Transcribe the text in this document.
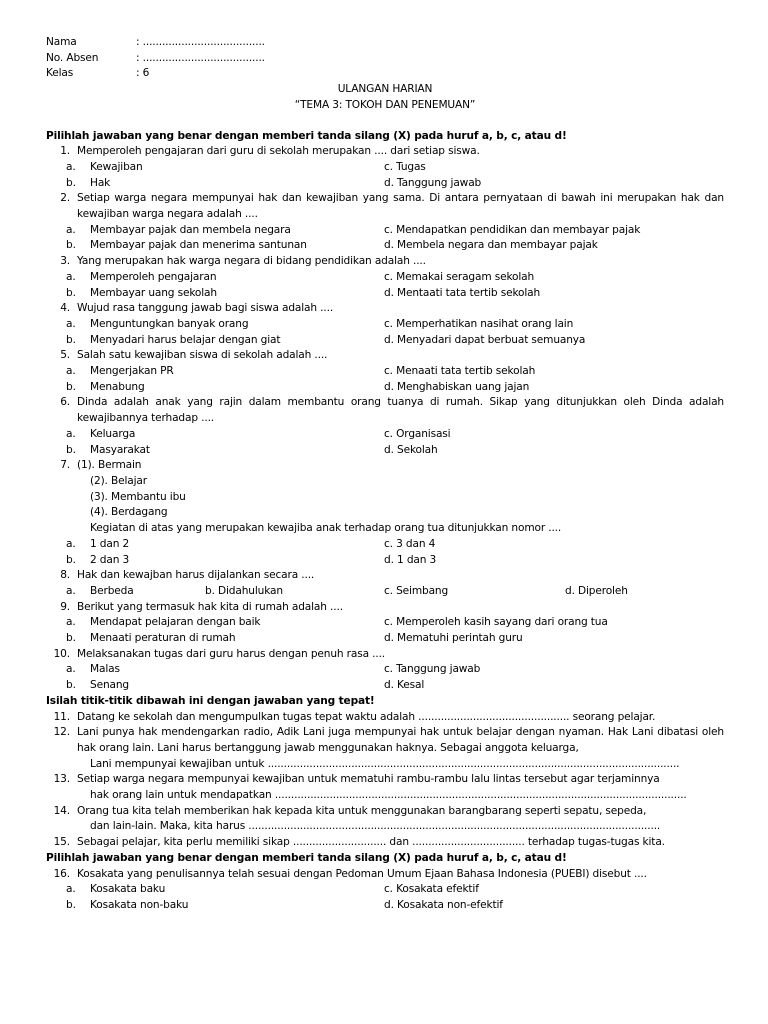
Nama	: ......................................
No. Absen	: ......................................
Kelas	: 6
ULANGAN HARIAN
“TEMA 3: TOKOH DAN PENEMUAN”
Pilihlah jawaban yang benar dengan memberi tanda silang (X) pada huruf a, b, c, atau d!
1. Memperoleh pengajaran dari guru di sekolah merupakan .... dari setiap siswa.
a.	Kewajiban	c. Tugas
b.	Hak	d. Tanggung jawab
2. Setiap warga negara mempunyai hak dan kewajiban yang sama. Di antara pernyataan di bawah ini merupakan hak dan kewajiban warga negara adalah ....
a.	Membayar pajak dan membela negara	c. Mendapatkan pendidikan dan membayar pajak
b.	Membayar pajak dan menerima santunan	d. Membela negara dan membayar pajak
3. Yang merupakan hak warga negara di bidang pendidikan adalah ....
a.	Memperoleh pengajaran	c. Memakai seragam sekolah
b.	Membayar uang sekolah	d. Mentaati tata tertib sekolah
4. Wujud rasa tanggung jawab bagi siswa adalah ....
a.	Menguntungkan banyak orang	c. Memperhatikan nasihat orang lain
b.	Menyadari harus belajar dengan giat	d. Menyadari dapat berbuat semuanya
5. Salah satu kewajiban siswa di sekolah adalah ....
a.	Mengerjakan PR	c. Menaati tata tertib sekolah
b.	Menabung	d. Menghabiskan uang jajan
6. Dinda adalah anak yang rajin dalam membantu orang tuanya di rumah. Sikap yang ditunjukkan oleh Dinda adalah kewajibannya terhadap ....
a.	Keluarga	c. Organisasi
b.	Masyarakat	d. Sekolah
7. (1). Bermain
(2). Belajar
(3). Membantu ibu
(4). Berdagang
Kegiatan di atas yang merupakan kewajiba anak terhadap orang tua ditunjukkan nomor ....
a.	1 dan 2	c. 3 dan 4
b.	2 dan 3	d. 1 dan 3
8. Hak dan kewajban harus dijalankan secara ....
a.	Berbeda	b. Didahulukan	c. Seimbang	d. Diperoleh
9. Berikut yang termasuk hak kita di rumah adalah ....
a.	Mendapat pelajaran dengan baik	c. Memperoleh kasih sayang dari orang tua
b.	Menaati peraturan di rumah	d. Mematuhi perintah guru
10. Melaksanakan tugas dari guru harus dengan penuh rasa ....
a.	Malas	c. Tanggung jawab
b.	Senang	d. Kesal
Isilah titik-titik dibawah ini dengan jawaban yang tepat!
11. Datang ke sekolah dan mengumpulkan tugas tepat waktu adalah ............................................... seorang pelajar.
12. Lani punya hak mendengarkan radio, Adik Lani juga mempunyai hak untuk belajar dengan nyaman. Hak Lani dibatasi oleh hak orang lain. Lani harus bertanggung jawab menggunakan haknya. Sebagai anggota keluarga,
Lani mempunyai kewajiban untuk ................................................................................................................................
13. Setiap warga negara mempunyai kewajiban untuk mematuhi rambu-rambu lalu lintas tersebut agar terjaminnya
hak orang lain untuk mendapatkan ................................................................................................................................
14. Orang tua kita telah memberikan hak kepada kita untuk menggunakan barangbarang seperti sepatu, sepeda,
dan lain-lain. Maka, kita harus ................................................................................................................................
15. Sebagai pelajar, kita perlu memiliki sikap ............................. dan ................................... terhadap tugas-tugas kita.
Pilihlah jawaban yang benar dengan memberi tanda silang (X) pada huruf a, b, c, atau d!
16. Kosakata yang penulisannya telah sesuai dengan Pedoman Umum Ejaan Bahasa Indonesia (PUEBI) disebut ....
a.	Kosakata baku	c. Kosakata efektif
b.	Kosakata non-baku	d. Kosakata non-efektif
